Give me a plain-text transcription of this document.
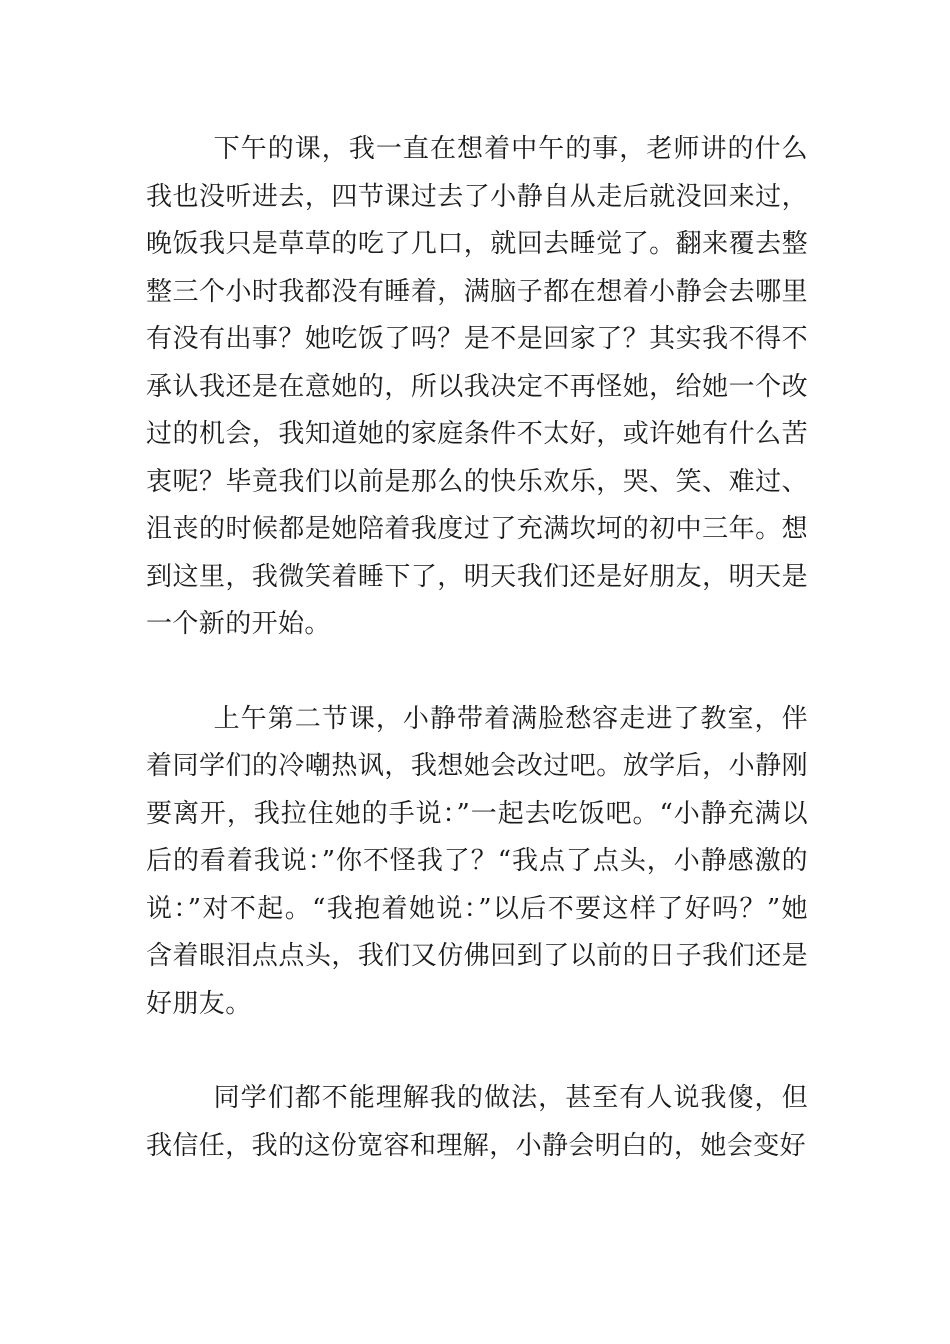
下午的课，我一直在想着中午的事，老师讲的什么我也没听进去，四节课过去了小静自从走后就没回来过，晚饭我只是草草的吃了几口，就回去睡觉了。翻来覆去整整三个小时我都没有睡着，满脑子都在想着小静会去哪里有没有出事？她吃饭了吗？是不是回家了？其实我不得不承认我还是在意她的，所以我决定不再怪她，给她一个改过的机会，我知道她的家庭条件不太好，或许她有什么苦衷呢？毕竟我们以前是那么的快乐欢乐，哭、笑、难过、沮丧的时候都是她陪着我度过了充满坎坷的初中三年。想到这里，我微笑着睡下了，明天我们还是好朋友，明天是一个新的开始。

上午第二节课，小静带着满脸愁容走进了教室，伴着同学们的冷嘲热讽，我想她会改过吧。放学后，小静刚要离开，我拉住她的手说：”一起去吃饭吧。“小静充满以后的看着我说：”你不怪我了？“我点了点头，小静感激的说：”对不起。“我抱着她说：”以后不要这样了好吗？”她含着眼泪点点头，我们又仿佛回到了以前的日子我们还是好朋友。

同学们都不能理解我的做法，甚至有人说我傻，但我信任，我的这份宽容和理解，小静会明白的，她会变好
